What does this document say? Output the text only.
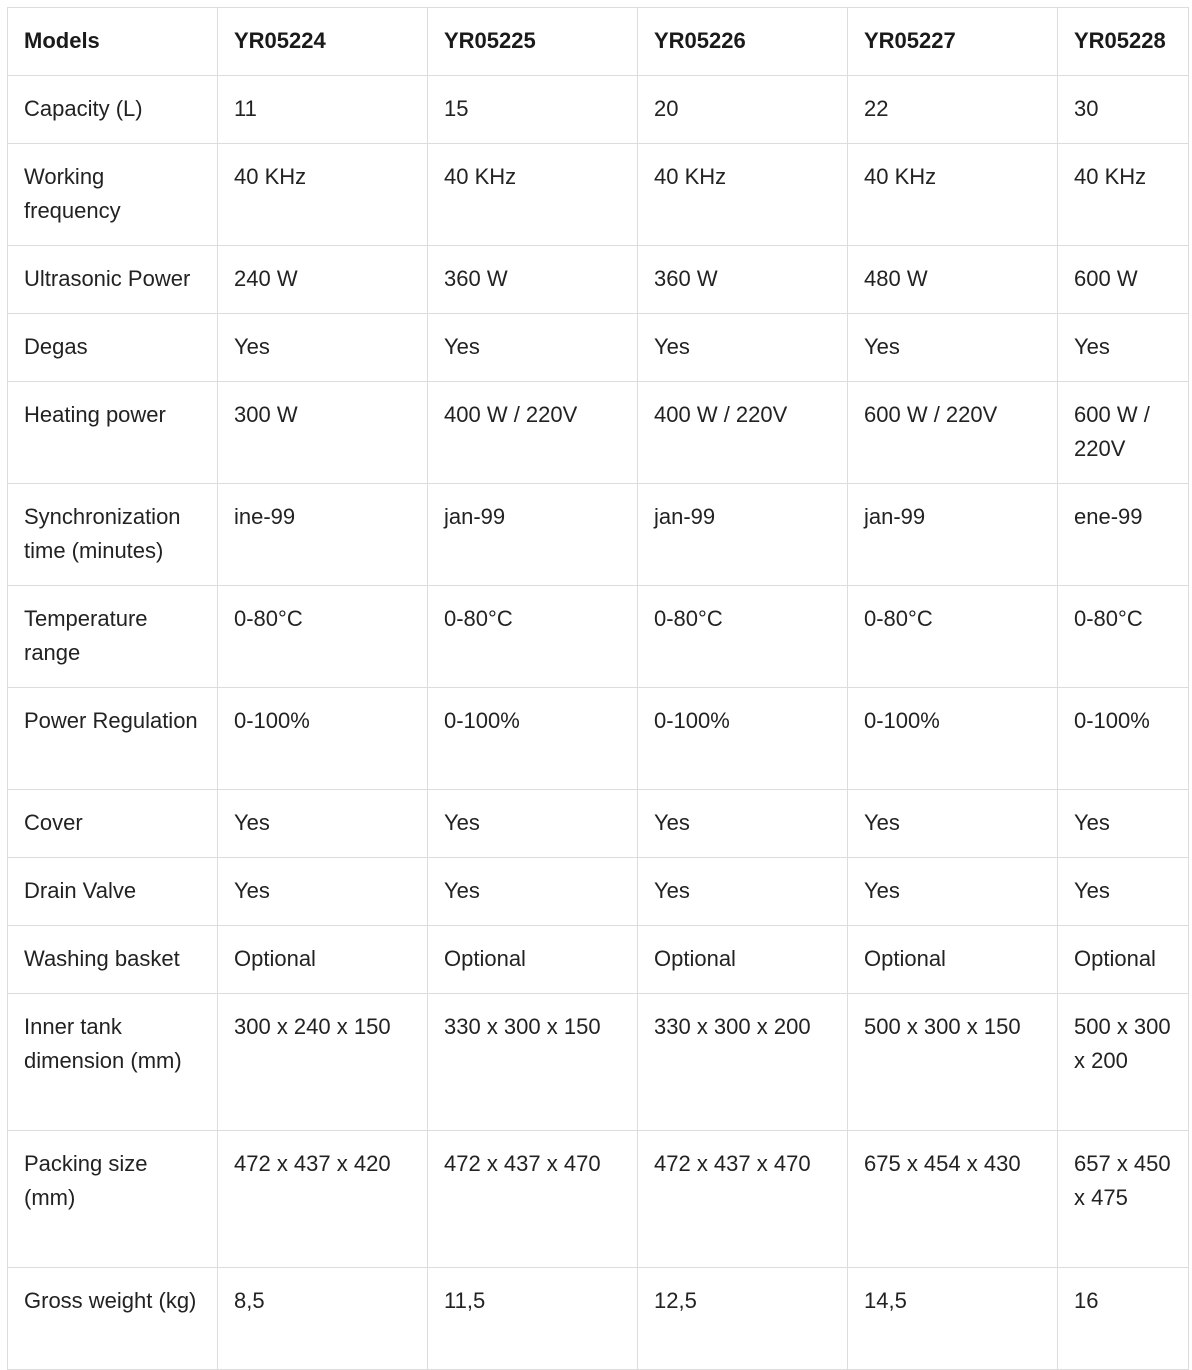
Models	YR05224	YR05225	YR05226	YR05227	YR05228
Capacity (L)	11	15	20	22	30
Working frequency	40 KHz	40 KHz	40 KHz	40 KHz	40 KHz
Ultrasonic Power	240 W	360 W	360 W	480 W	600 W
Degas	Yes	Yes	Yes	Yes	Yes
Heating power	300 W	400 W / 220V	400 W / 220V	600 W / 220V	600 W / 220V
Synchronization time (minutes)	ine-99	jan-99	jan-99	jan-99	ene-99
Temperature range	0-80°C	0-80°C	0-80°C	0-80°C	0-80°C
Power Regulation	0-100%	0-100%	0-100%	0-100%	0-100%
Cover	Yes	Yes	Yes	Yes	Yes
Drain Valve	Yes	Yes	Yes	Yes	Yes
Washing basket	Optional	Optional	Optional	Optional	Optional
Inner tank dimension (mm)	300 x 240 x 150	330 x 300 x 150	330 x 300 x 200	500 x 300 x 150	500 x 300 x 200
Packing size (mm)	472 x 437 x 420	472 x 437 x 470	472 x 437 x 470	675 x 454 x 430	657 x 450 x 475
Gross weight (kg)	8,5	11,5	12,5	14,5	16
